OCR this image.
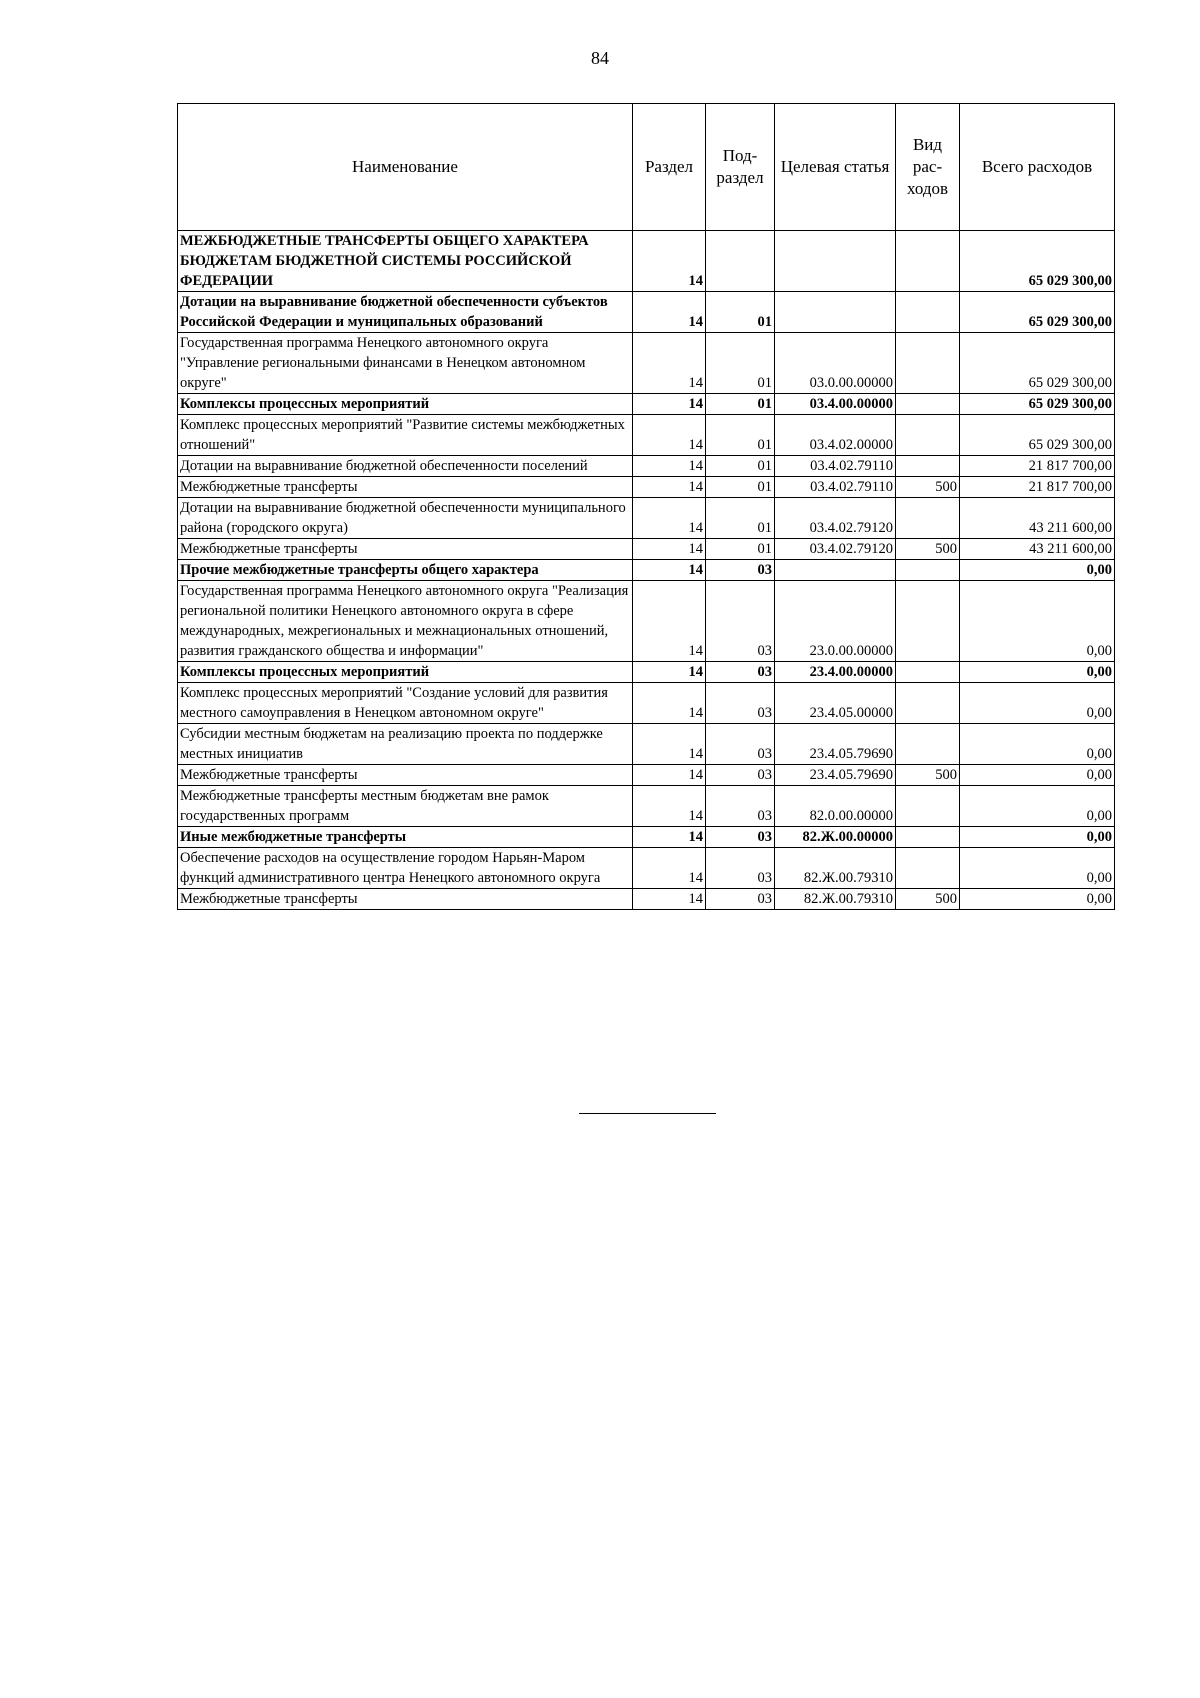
84
Наименование	Раздел	Под-раздел	Целевая статья	Вид рас-ходов	Всего расходов
МЕЖБЮДЖЕТНЫЕ ТРАНСФЕРТЫ ОБЩЕГО ХАРАКТЕРА БЮДЖЕТАМ БЮДЖЕТНОЙ СИСТЕМЫ РОССИЙСКОЙ ФЕДЕРАЦИИ	14				65 029 300,00
Дотации на выравнивание бюджетной обеспеченности субъектов Российской Федерации и муниципальных образований	14	01			65 029 300,00
Государственная программа Ненецкого автономного округа "Управление региональными финансами в Ненецком автономном округе"	14	01	03.0.00.00000		65 029 300,00
Комплексы процессных мероприятий	14	01	03.4.00.00000		65 029 300,00
Комплекс процессных мероприятий "Развитие системы межбюджетных отношений"	14	01	03.4.02.00000		65 029 300,00
Дотации на выравнивание бюджетной обеспеченности поселений	14	01	03.4.02.79110		21 817 700,00
Межбюджетные трансферты	14	01	03.4.02.79110	500	21 817 700,00
Дотации на выравнивание бюджетной обеспеченности муниципального района (городского округа)	14	01	03.4.02.79120		43 211 600,00
Межбюджетные трансферты	14	01	03.4.02.79120	500	43 211 600,00
Прочие межбюджетные трансферты общего характера	14	03			0,00
Государственная программа Ненецкого автономного округа "Реализация региональной политики Ненецкого автономного округа в сфере международных, межрегиональных и межнациональных отношений, развития гражданского общества и информации"	14	03	23.0.00.00000		0,00
Комплексы процессных мероприятий	14	03	23.4.00.00000		0,00
Комплекс процессных мероприятий "Создание условий для развития местного самоуправления в Ненецком автономном округе"	14	03	23.4.05.00000		0,00
Субсидии местным бюджетам на реализацию проекта по поддержке местных инициатив	14	03	23.4.05.79690		0,00
Межбюджетные трансферты	14	03	23.4.05.79690	500	0,00
Межбюджетные трансферты местным бюджетам вне рамок государственных программ	14	03	82.0.00.00000		0,00
Иные межбюджетные трансферты	14	03	82.Ж.00.00000		0,00
Обеспечение расходов на осуществление городом Нарьян-Маром функций административного центра Ненецкого автономного округа	14	03	82.Ж.00.79310		0,00
Межбюджетные трансферты	14	03	82.Ж.00.79310	500	0,00
